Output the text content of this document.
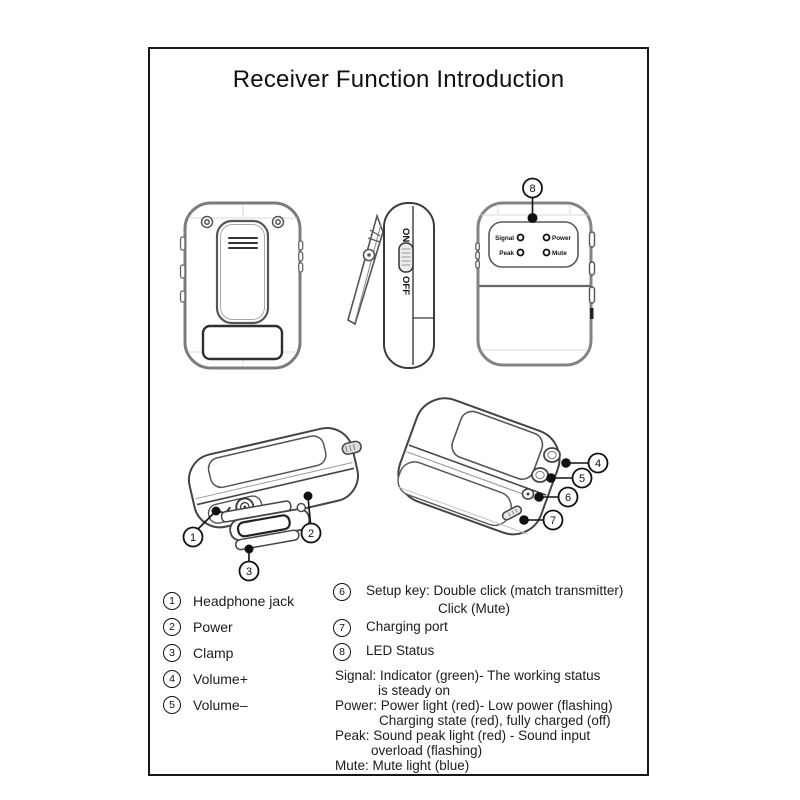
Receiver Function Introduction
ON
OFF
Signal	Power
Peak	Mute
8
1	2
3
4
5
6
7
1	Headphone jack
2	Power
3	Clamp
4	Volume+
5	Volume–
6	Setup key: Double click (match transmitter)
Click (Mute)
7	Charging port
8	LED Status
Signal: Indicator (green)- The working status
is steady on
Power: Power light (red)- Low power (flashing)
Charging state (red), fully charged (off)
Peak: Sound peak light (red) - Sound input
overload (flashing)
Mute: Mute light (blue)
